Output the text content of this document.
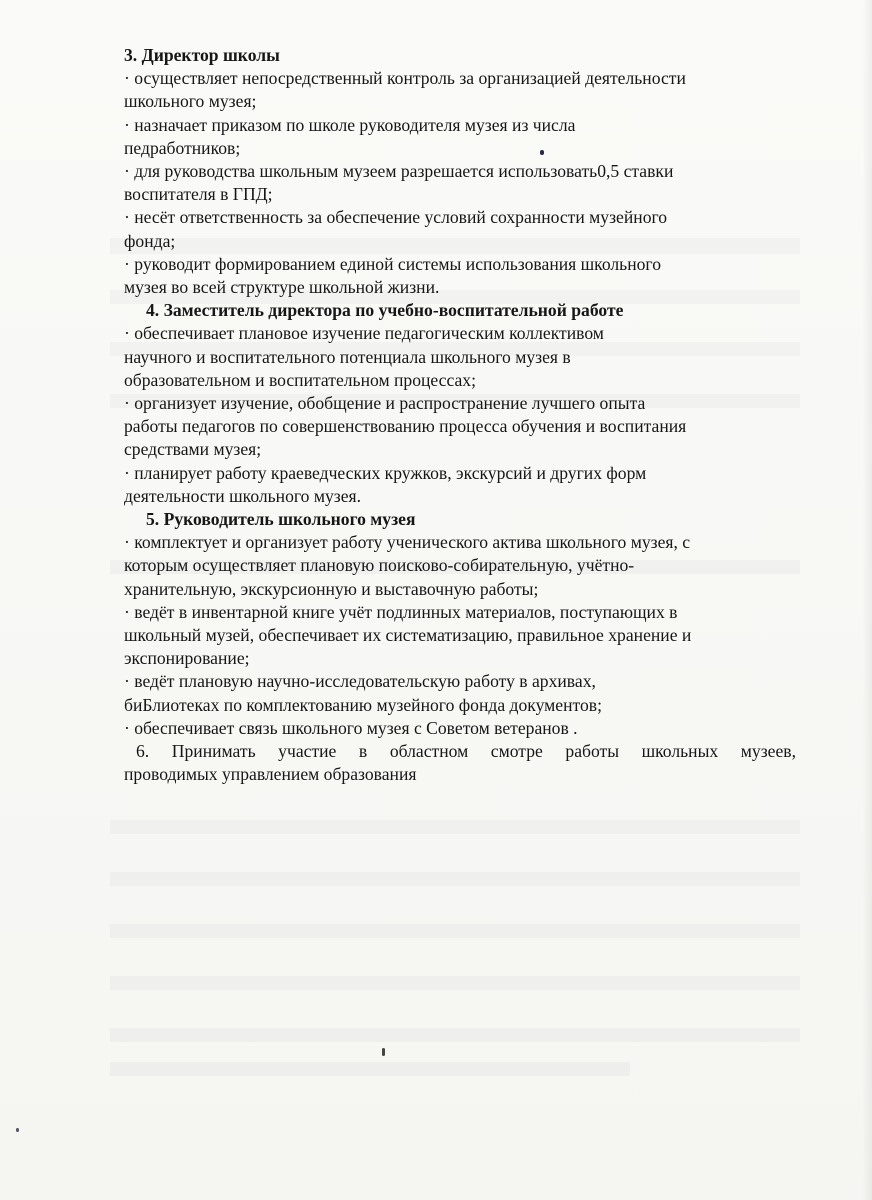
3. Директор школы
· осуществляет непосредственный контроль за организацией деятельности
школьного музея;
· назначает приказом по школе руководителя музея из числа
педработников;
· для руководства школьным музеем разрешается использовать0,5 ставки
воспитателя в ГПД;
· несёт ответственность за обеспечение условий сохранности музейного
фонда;
· руководит формированием единой системы использования школьного
музея во всей структуре школьной жизни.
4. Заместитель директора по учебно-воспитательной работе
· обеспечивает плановое изучение педагогическим коллективом
научного и воспитательного потенциала школьного музея в
образовательном и воспитательном процессах;
· организует изучение, обобщение и распространение лучшего опыта
работы педагогов по совершенствованию процесса обучения и воспитания
средствами музея;
· планирует работу краеведческих кружков, экскурсий и других форм
деятельности школьного музея.
5. Руководитель школьного музея
· комплектует и организует работу ученического актива школьного музея, с
которым осуществляет плановую поисково-собирательную, учётно-
хранительную, экскурсионную и выставочную работы;
· ведёт в инвентарной книге учёт подлинных материалов, поступающих в
школьный музей, обеспечивает их систематизацию, правильное хранение и
экспонирование;
· ведёт плановую научно-исследовательскую работу в архивах,
биБлиотеках по комплектованию музейного фонда документов;
· обеспечивает связь школьного музея с Советом ветеранов .
6. Принимать участие в областном смотре работы школьных музеев,
проводимых управлением образования
